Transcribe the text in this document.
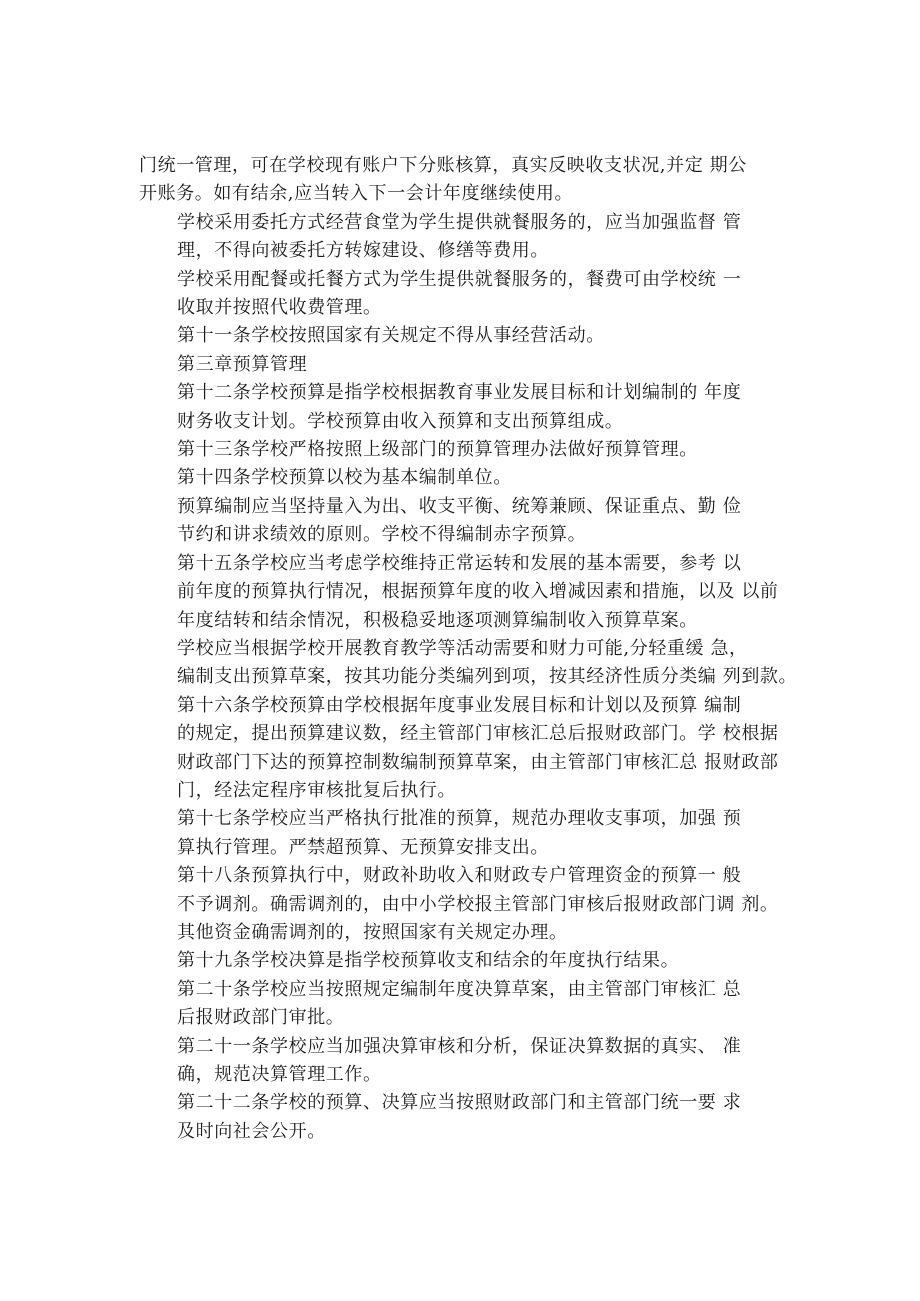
门统一管理，可在学校现有账户下分账核算，真实反映收支状况,并定 期公
开账务。如有结余,应当转入下一会计年度继续使用。

学校采用委托方式经营食堂为学生提供就餐服务的，应当加强监督 管
理，不得向被委托方转嫁建设、修缮等费用。

学校采用配餐或托餐方式为学生提供就餐服务的，餐费可由学校统 一
收取并按照代收费管理。

第十一条学校按照国家有关规定不得从事经营活动。

第三章预算管理

第十二条学校预算是指学校根据教育事业发展目标和计划编制的 年度
财务收支计划。学校预算由收入预算和支出预算组成。

第十三条学校严格按照上级部门的预算管理办法做好预算管理。

第十四条学校预算以校为基本编制单位。

预算编制应当坚持量入为出、收支平衡、统筹兼顾、保证重点、勤 俭
节约和讲求绩效的原则。学校不得编制赤字预算。

第十五条学校应当考虑学校维持正常运转和发展的基本需要，参考 以
前年度的预算执行情况，根据预算年度的收入增减因素和措施，以及 以前
年度结转和结余情况，积极稳妥地逐项测算编制收入预算草案。

学校应当根据学校开展教育教学等活动需要和财力可能,分轻重缓 急，
编制支出预算草案，按其功能分类编列到项，按其经济性质分类编 列到款。

第十六条学校预算由学校根据年度事业发展目标和计划以及预算 编制
的规定，提出预算建议数，经主管部门审核汇总后报财政部门。学 校根据
财政部门下达的预算控制数编制预算草案，由主管部门审核汇总 报财政部
门，经法定程序审核批复后执行。

第十七条学校应当严格执行批准的预算，规范办理收支事项，加强 预
算执行管理。严禁超预算、无预算安排支出。

第十八条预算执行中，财政补助收入和财政专户管理资金的预算一 般
不予调剂。确需调剂的，由中小学校报主管部门审核后报财政部门调 剂。
其他资金确需调剂的，按照国家有关规定办理。

第十九条学校决算是指学校预算收支和结余的年度执行结果。

第二十条学校应当按照规定编制年度决算草案，由主管部门审核汇 总
后报财政部门审批。

第二十一条学校应当加强决算审核和分析，保证决算数据的真实、 准
确，规范决算管理工作。

第二十二条学校的预算、决算应当按照财政部门和主管部门统一要 求
及时向社会公开。
